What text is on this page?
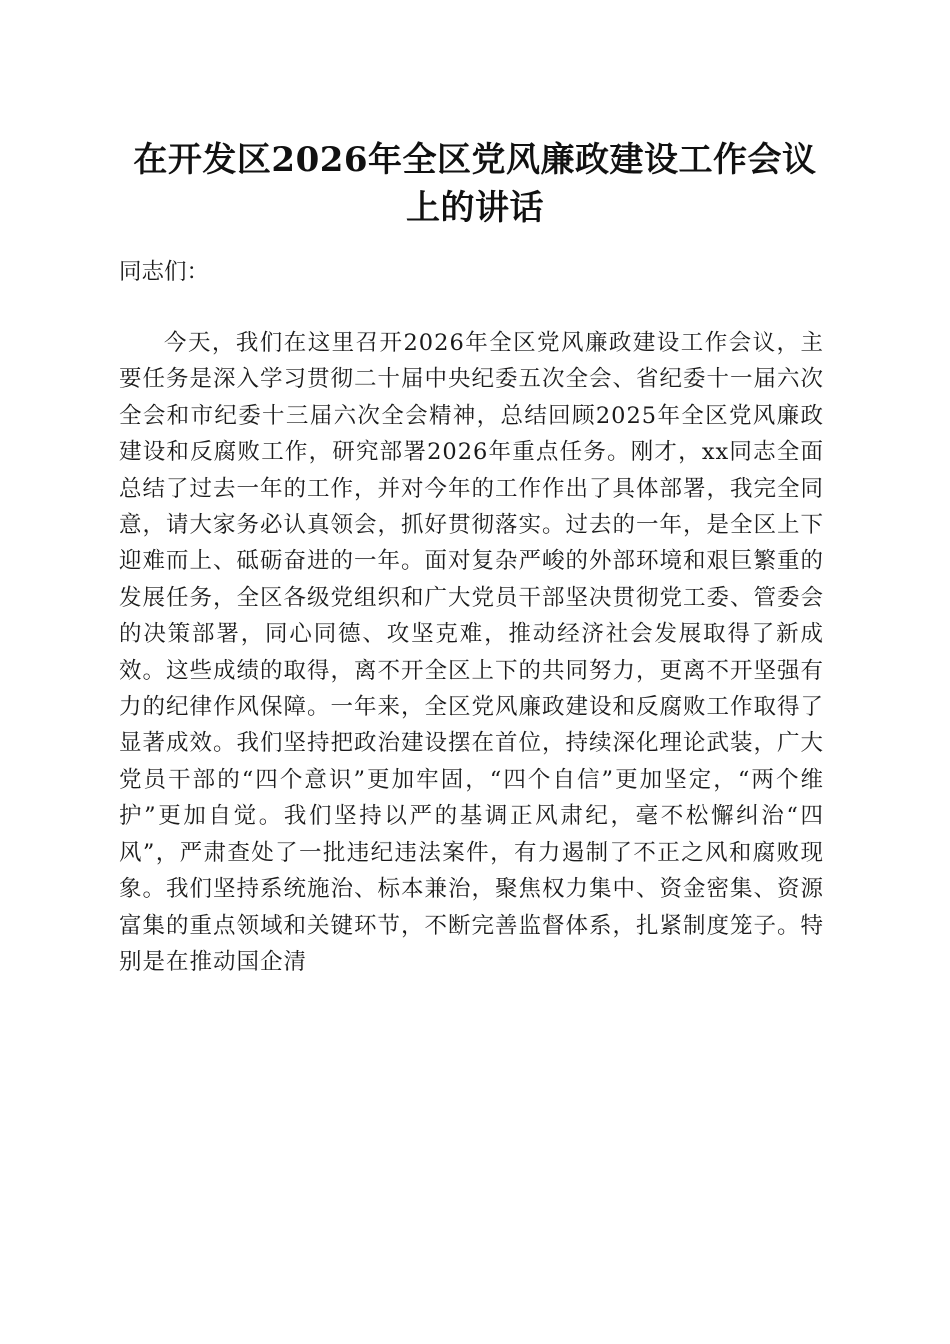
在开发区2026年全区党风廉政建设工作会议
上的讲话

同志们：

今天，我们在这里召开2026年全区党风廉政建设工作会议，主要任务是深入学习贯彻二十届中央纪委五次全会、省纪委十一届六次全会和市纪委十三届六次全会精神，总结回顾2025年全区党风廉政建设和反腐败工作，研究部署2026年重点任务。刚才，xx同志全面总结了过去一年的工作，并对今年的工作作出了具体部署，我完全同意，请大家务必认真领会，抓好贯彻落实。过去的一年，是全区上下迎难而上、砥砺奋进的一年。面对复杂严峻的外部环境和艰巨繁重的发展任务，全区各级党组织和广大党员干部坚决贯彻党工委、管委会的决策部署，同心同德、攻坚克难，推动经济社会发展取得了新成效。这些成绩的取得，离不开全区上下的共同努力，更离不开坚强有力的纪律作风保障。一年来，全区党风廉政建设和反腐败工作取得了显著成效。我们坚持把政治建设摆在首位，持续深化理论武装，广大党员干部的“四个意识”更加牢固，“四个自信”更加坚定，“两个维护”更加自觉。我们坚持以严的基调正风肃纪，毫不松懈纠治“四风”，严肃查处了一批违纪违法案件，有力遏制了不正之风和腐败现象。我们坚持系统施治、标本兼治，聚焦权力集中、资金密集、资源富集的重点领域和关键环节，不断完善监督体系，扎紧制度笼子。特别是在推动国企清
